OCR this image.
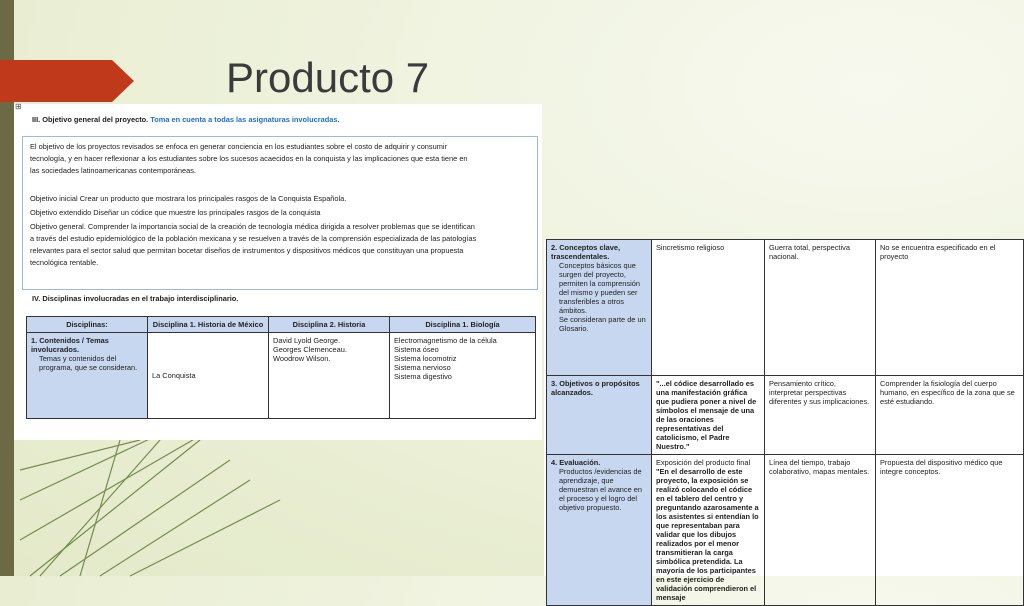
Producto 7
⊞
III. Objetivo general del proyecto. Toma en cuenta a todas las asignaturas involucradas.
El objetivo de los proyectos revisados se enfoca en generar conciencia en los estudiantes sobre el costo de adquirir y consumir
tecnología, y en hacer reflexionar a los estudiantes sobre los sucesos acaecidos en la conquista y las implicaciones que esta tiene en
las sociedades latinoamericanas contemporáneas.
Objetivo inicial Crear un producto que mostrara los principales rasgos de la Conquista Española.
Objetivo extendido Diseñar un códice que muestre los principales rasgos de la conquista
Objetivo general. Comprender la importancia social de la creación de tecnología médica dirigida a resolver problemas que se identifican
a través del estudio epidemiológico de la población mexicana y se resuelven a través de la comprensión especializada de las patologías
relevantes para el sector salud que permitan bocetar diseños de instrumentos y dispositivos médicos que constituyan una propuesta
tecnológica rentable.
IV. Disciplinas involucradas en el trabajo interdisciplinario.
Disciplinas:	Disciplina 1. Historia de México	Disciplina 2. Historia	Disciplina 1. Biología
1. Contenidos / Temas involucrados.
Temas y contenidos del programa, que se consideran.	La Conquista	David Lyold George.
Georges Clemenceau.
Woodrow Wilson.	Electromagnetismo de la célula
Sistema óseo
Sistema locomotriz
Sistema nervioso
Sistema digestivo
2. Conceptos clave, trascendentales.
Conceptos básicos que surgen del proyecto, permiten la comprensión del mismo y pueden ser transferibles a otros ámbitos.
Se consideran parte de un Glosario.	Sincretismo religioso	Guerra total, perspectiva nacional.	No se encuentra especificado en el proyecto
3. Objetivos o propósitos alcanzados.	"...el códice desarrollado es una manifestación gráfica que pudiera poner a nivel de símbolos el mensaje de una de las oraciones representativas del catolicismo, el Padre Nuestro."	Pensamiento crítico, interpretar perspectivas diferentes y sus implicaciones.	Comprender la fisiología del cuerpo humano, en específico de la zona que se esté estudiando.
4. Evaluación.
Productos /evidencias de aprendizaje, que demuestran el avance en el proceso y el logro del objetivo propuesto.	Exposición del producto final
"En el desarrollo de este proyecto, la exposición se realizó colocando el códice en el tablero del centro y preguntando azarosamente a los asistentes si entendían lo que representaban para validar que los dibujos realizados por el menor transmitieran la carga simbólica pretendida. La mayoría de los participantes en este ejercicio de validación comprendieron el mensaje	Línea del tiempo, trabajo colaborativo, mapas mentales.	Propuesta del dispositivo médico que integre conceptos.
